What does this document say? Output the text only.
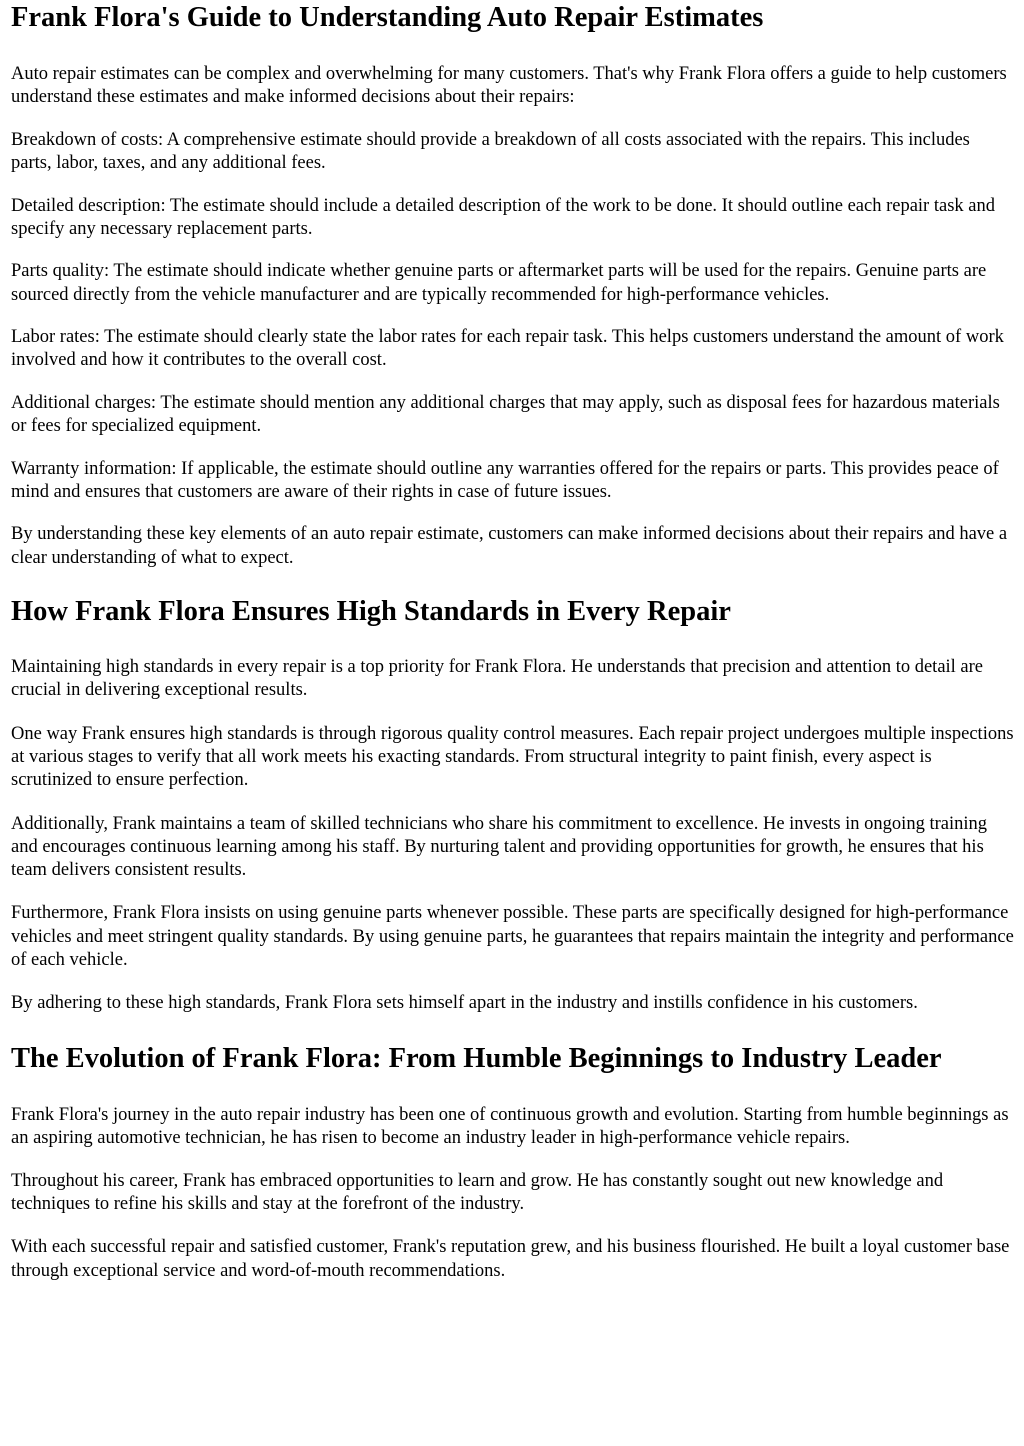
Frank Flora's Guide to Understanding Auto Repair Estimates

Auto repair estimates can be complex and overwhelming for many customers. That's why Frank Flora offers a guide to help customers understand these estimates and make informed decisions about their repairs:

Breakdown of costs: A comprehensive estimate should provide a breakdown of all costs associated with the repairs. This includes parts, labor, taxes, and any additional fees.

Detailed description: The estimate should include a detailed description of the work to be done. It should outline each repair task and specify any necessary replacement parts.

Parts quality: The estimate should indicate whether genuine parts or aftermarket parts will be used for the repairs. Genuine parts are sourced directly from the vehicle manufacturer and are typically recommended for high-performance vehicles.

Labor rates: The estimate should clearly state the labor rates for each repair task. This helps customers understand the amount of work involved and how it contributes to the overall cost.

Additional charges: The estimate should mention any additional charges that may apply, such as disposal fees for hazardous materials or fees for specialized equipment.

Warranty information: If applicable, the estimate should outline any warranties offered for the repairs or parts. This provides peace of mind and ensures that customers are aware of their rights in case of future issues.

By understanding these key elements of an auto repair estimate, customers can make informed decisions about their repairs and have a clear understanding of what to expect.

How Frank Flora Ensures High Standards in Every Repair

Maintaining high standards in every repair is a top priority for Frank Flora. He understands that precision and attention to detail are crucial in delivering exceptional results.

One way Frank ensures high standards is through rigorous quality control measures. Each repair project undergoes multiple inspections at various stages to verify that all work meets his exacting standards. From structural integrity to paint finish, every aspect is scrutinized to ensure perfection.

Additionally, Frank maintains a team of skilled technicians who share his commitment to excellence. He invests in ongoing training and encourages continuous learning among his staff. By nurturing talent and providing opportunities for growth, he ensures that his team delivers consistent results.

Furthermore, Frank Flora insists on using genuine parts whenever possible. These parts are specifically designed for high-performance vehicles and meet stringent quality standards. By using genuine parts, he guarantees that repairs maintain the integrity and performance of each vehicle.

By adhering to these high standards, Frank Flora sets himself apart in the industry and instills confidence in his customers.

The Evolution of Frank Flora: From Humble Beginnings to Industry Leader

Frank Flora's journey in the auto repair industry has been one of continuous growth and evolution. Starting from humble beginnings as an aspiring automotive technician, he has risen to become an industry leader in high-performance vehicle repairs.

Throughout his career, Frank has embraced opportunities to learn and grow. He has constantly sought out new knowledge and techniques to refine his skills and stay at the forefront of the industry.

With each successful repair and satisfied customer, Frank's reputation grew, and his business flourished. He built a loyal customer base through exceptional service and word-of-mouth recommendations.
